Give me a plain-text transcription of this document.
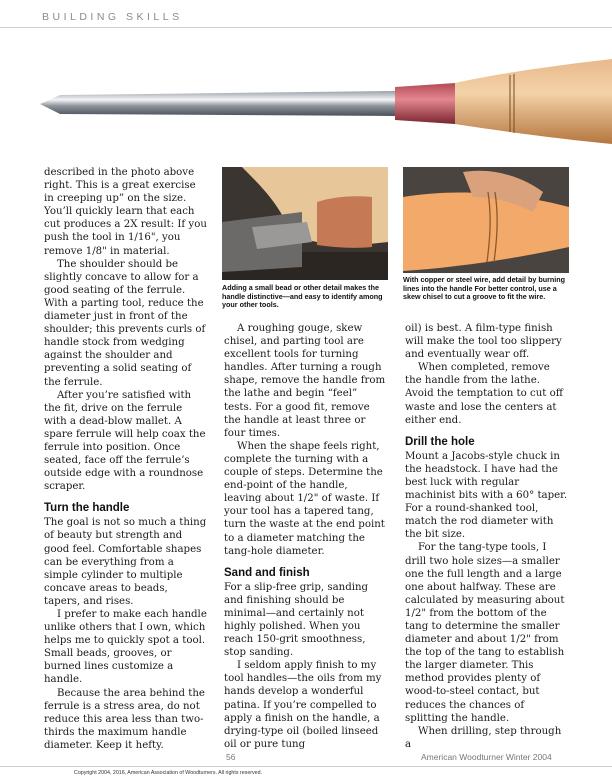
BUILDING SKILLS

described in the photo above right. This is a great exercise in creeping up” on the size. You’ll quickly learn that each cut produces a 2X result: If you push the tool in 1/16", you remove 1/8" in material.

The shoulder should be slightly concave to allow for a good seating of the ferrule. With a parting tool, reduce the diameter just in front of the shoulder; this prevents curls of handle stock from wedging against the shoulder and preventing a solid seating of the ferrule.

After you’re satisfied with the fit, drive on the ferrule with a dead-blow mallet. A spare ferrule will help coax the ferrule into position. Once seated, face off the ferrule’s outside edge with a roundnose scraper.

Turn the handle

The goal is not so much a thing of beauty but strength and good feel. Comfortable shapes can be everything from a simple cylinder to multiple concave areas to beads, tapers, and rises.

I prefer to make each handle unlike others that I own, which helps me to quickly spot a tool. Small beads, grooves, or burned lines customize a handle.

Because the area behind the ferrule is a stress area, do not reduce this area less than two-thirds the maximum handle diameter. Keep it hefty.

Adding a small bead or other detail makes the handle distinctive—and easy to identify among your other tools.
With copper or steel wire, add detail by burning lines into the handle For better control, use a skew chisel to cut a groove to fit the wire.

A roughing gouge, skew chisel, and parting tool are excellent tools for turning handles. After turning a rough shape, remove the handle from the lathe and begin “feel” tests. For a good fit, remove the handle at least three or four times.

When the shape feels right, complete the turning with a couple of steps. Determine the end-point of the handle, leaving about 1/2" of waste. If your tool has a tapered tang, turn the waste at the end point to a diameter matching the tang-hole diameter.

Sand and finish

For a slip-free grip, sanding and finishing should be minimal—and certainly not highly polished. When you reach 150-grit smoothness, stop sanding.

I seldom apply finish to my tool handles—the oils from my hands develop a wonderful patina. If you’re compelled to apply a finish on the handle, a drying-type oil (boiled linseed oil or pure tung

oil) is best. A film-type finish will make the tool too slippery and eventually wear off.

When completed, remove the handle from the lathe. Avoid the temptation to cut off waste and lose the centers at either end.

Drill the hole

Mount a Jacobs-style chuck in the headstock. I have had the best luck with regular machinist bits with a 60° taper. For a round-shanked tool, match the rod diameter with the bit size.

For the tang-type tools, I drill two hole sizes—a smaller one the full length and a large one about halfway. These are calculated by measuring about 1/2" from the bottom of the tang to determine the smaller diameter and about 1/2" from the top of the tang to establish the larger diameter. This method provides plenty of wood-to-steel contact, but reduces the chances of splitting the handle.

When drilling, step through a

56	American Woodturner Winter 2004
Copyright 2004, 2016, American Association of Woodturners. All rights reserved.
